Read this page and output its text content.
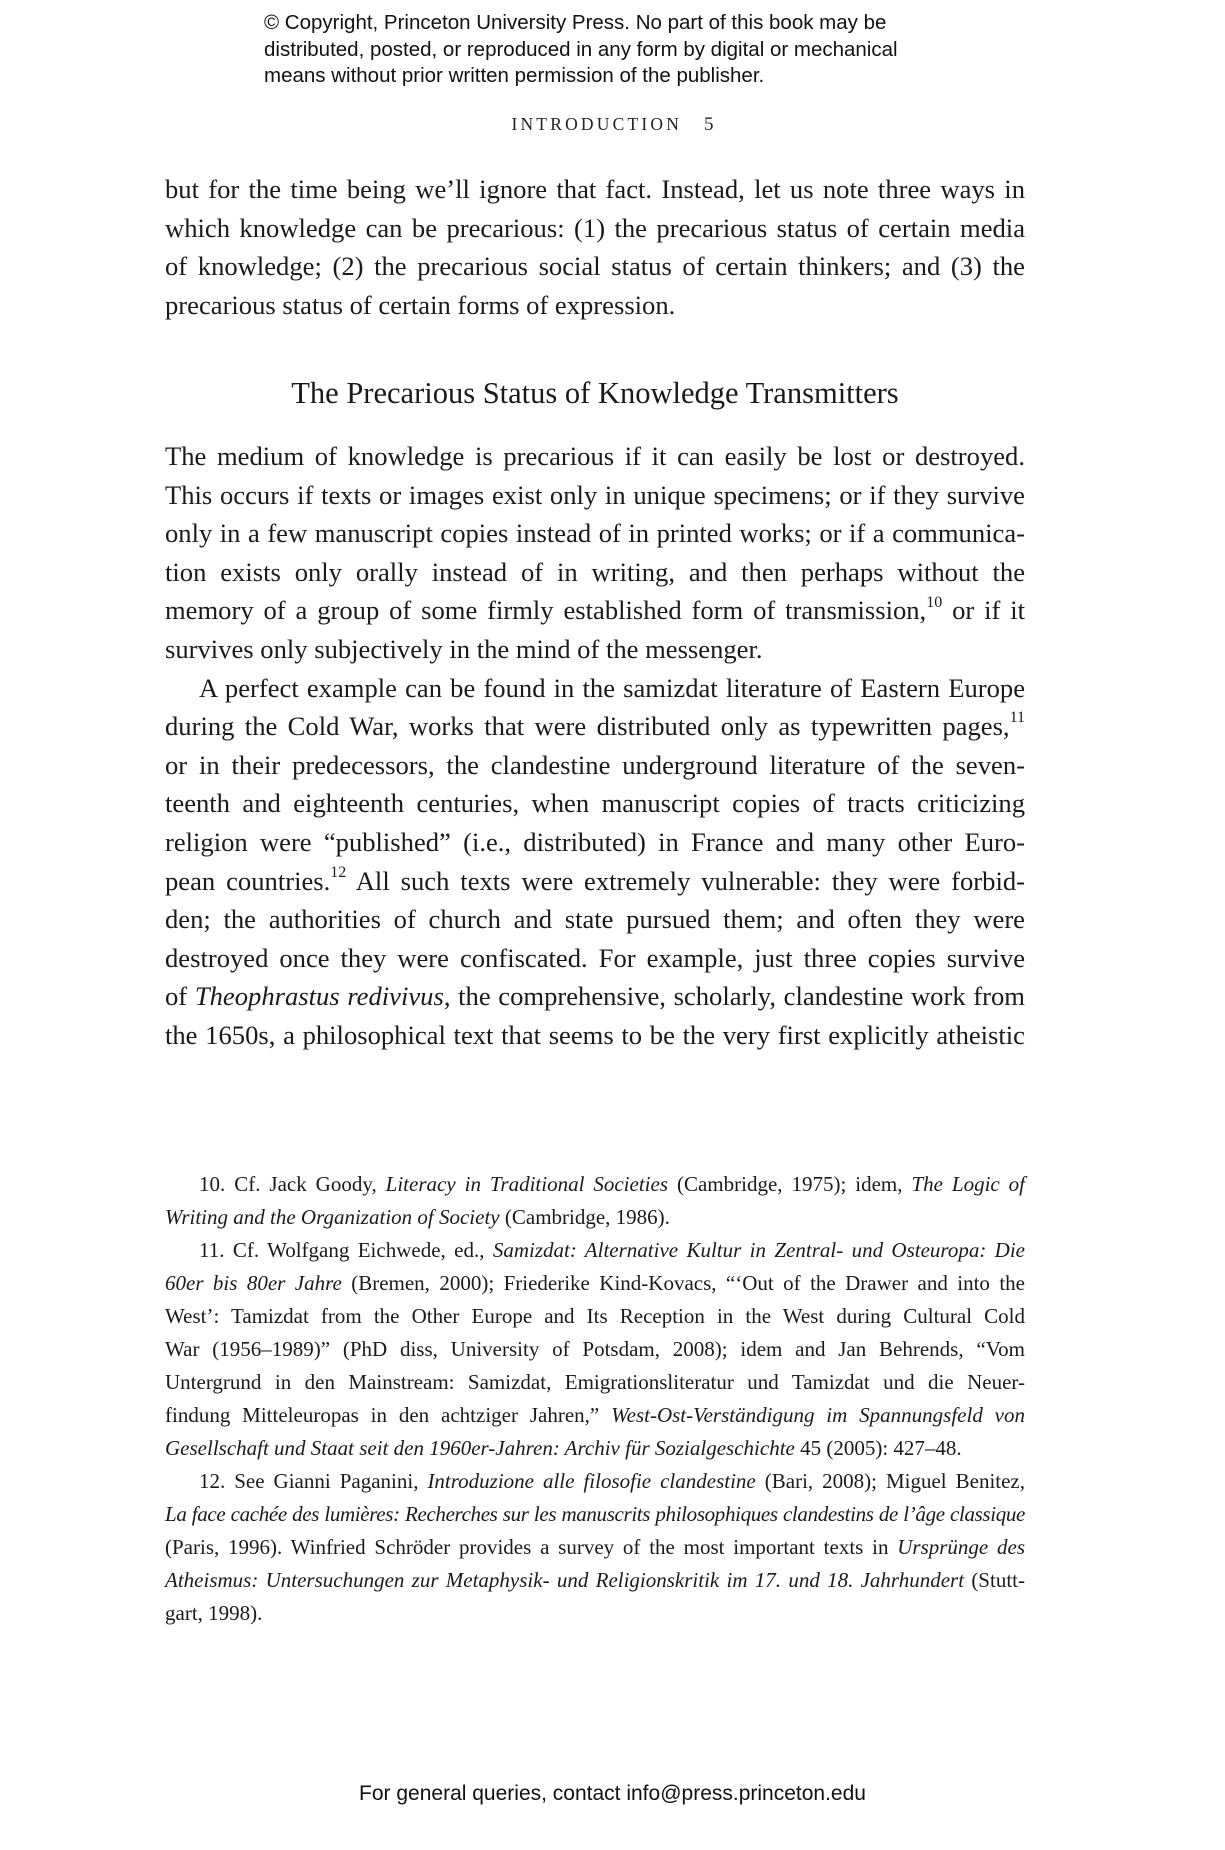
© Copyright, Princeton University Press. No part of this book may be
distributed, posted, or reproduced in any form by digital or mechanical
means without prior written permission of the publisher.
INTRODUCTION 5
but for the time being we’ll ignore that fact. Instead, let us note three ways in
which knowledge can be precarious: (1) the precarious status of certain media
of knowledge; (2) the precarious social status of certain thinkers; and (3) the
precarious status of certain forms of expression.
The Precarious Status of Knowledge Transmitters
The medium of knowledge is precarious if it can easily be lost or destroyed.
This occurs if texts or images exist only in unique specimens; or if they survive
only in a few manuscript copies instead of in printed works; or if a communica-
tion exists only orally instead of in writing, and then perhaps without the
memory of a group of some firmly established form of transmission,$^{10}$ or if it
survives only subjectively in the mind of the messenger.
A perfect example can be found in the samizdat literature of Eastern Europe
during the Cold War, works that were distributed only as typewritten pages,$^{11}$
or in their predecessors, the clandestine underground literature of the seven-
teenth and eighteenth centuries, when manuscript copies of tracts criticizing
religion were “published” (i.e., distributed) in France and many other Euro-
pean countries.$^{12}$ All such texts were extremely vulnerable: they were forbid-
den; the authorities of church and state pursued them; and often they were
destroyed once they were confiscated. For example, just three copies survive
of Theophrastus redivivus, the comprehensive, scholarly, clandestine work from
the 1650s, a philosophical text that seems to be the very first explicitly atheistic
10. Cf. Jack Goody, Literacy in Traditional Societies (Cambridge, 1975); idem, The Logic of
Writing and the Organization of Society (Cambridge, 1986).
11. Cf. Wolfgang Eichwede, ed., Samizdat: Alternative Kultur in Zentral- und Osteuropa: Die
60er bis 80er Jahre (Bremen, 2000); Friederike Kind-Kovacs, “‘Out of the Drawer and into the
West’: Tamizdat from the Other Europe and Its Reception in the West during Cultural Cold
War (1956–1989)” (PhD diss, University of Potsdam, 2008); idem and Jan Behrends, “Vom
Untergrund in den Mainstream: Samizdat, Emigrationsliteratur und Tamizdat und die Neuer-
findung Mitteleuropas in den achtziger Jahren,” West-Ost-Verständigung im Spannungsfeld von
Gesellschaft und Staat seit den 1960er-Jahren: Archiv für Sozialgeschichte 45 (2005): 427–48.
12. See Gianni Paganini, Introduzione alle filosofie clandestine (Bari, 2008); Miguel Benitez,
La face cachée des lumières: Recherches sur les manuscrits philosophiques clandestins de l’âge classique
(Paris, 1996). Winfried Schröder provides a survey of the most important texts in Ursprünge des
Atheismus: Untersuchungen zur Metaphysik- und Religionskritik im 17. und 18. Jahrhundert (Stutt-
gart, 1998).
For general queries, contact info@press.princeton.edu
